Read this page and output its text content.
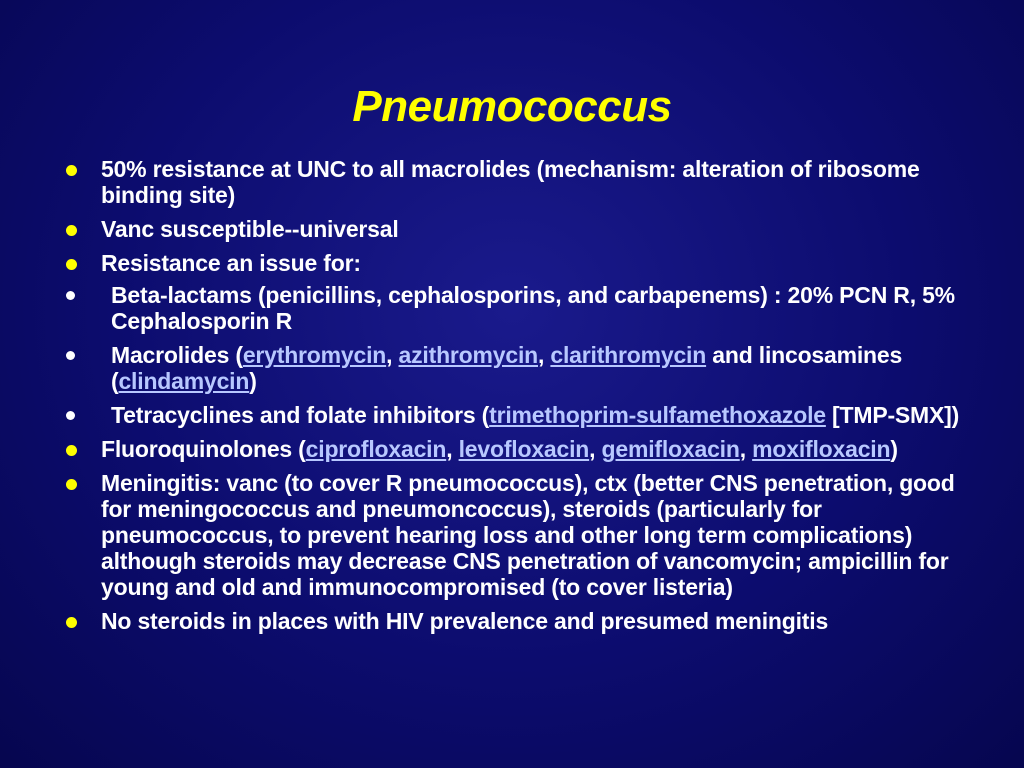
Pneumococcus
50% resistance at UNC to all macrolides (mechanism: alteration of ribosome binding site)
Vanc susceptible--universal
Resistance an issue for:
Beta-lactams (penicillins, cephalosporins, and carbapenems) : 20% PCN R, 5% Cephalosporin R
Macrolides (erythromycin, azithromycin, clarithromycin and lincosamines (clindamycin)
Tetracyclines and folate inhibitors (trimethoprim-sulfamethoxazole [TMP-SMX])
Fluoroquinolones (ciprofloxacin, levofloxacin, gemifloxacin, moxifloxacin)
Meningitis: vanc (to cover R pneumococcus), ctx (better CNS penetration, good for meningococcus and pneumoncoccus), steroids (particularly for pneumococcus, to prevent hearing loss and other long term complications) although steroids may decrease CNS penetration of vancomycin; ampicillin for young and old and immunocompromised (to cover listeria)
No steroids in places with HIV prevalence and presumed meningitis
